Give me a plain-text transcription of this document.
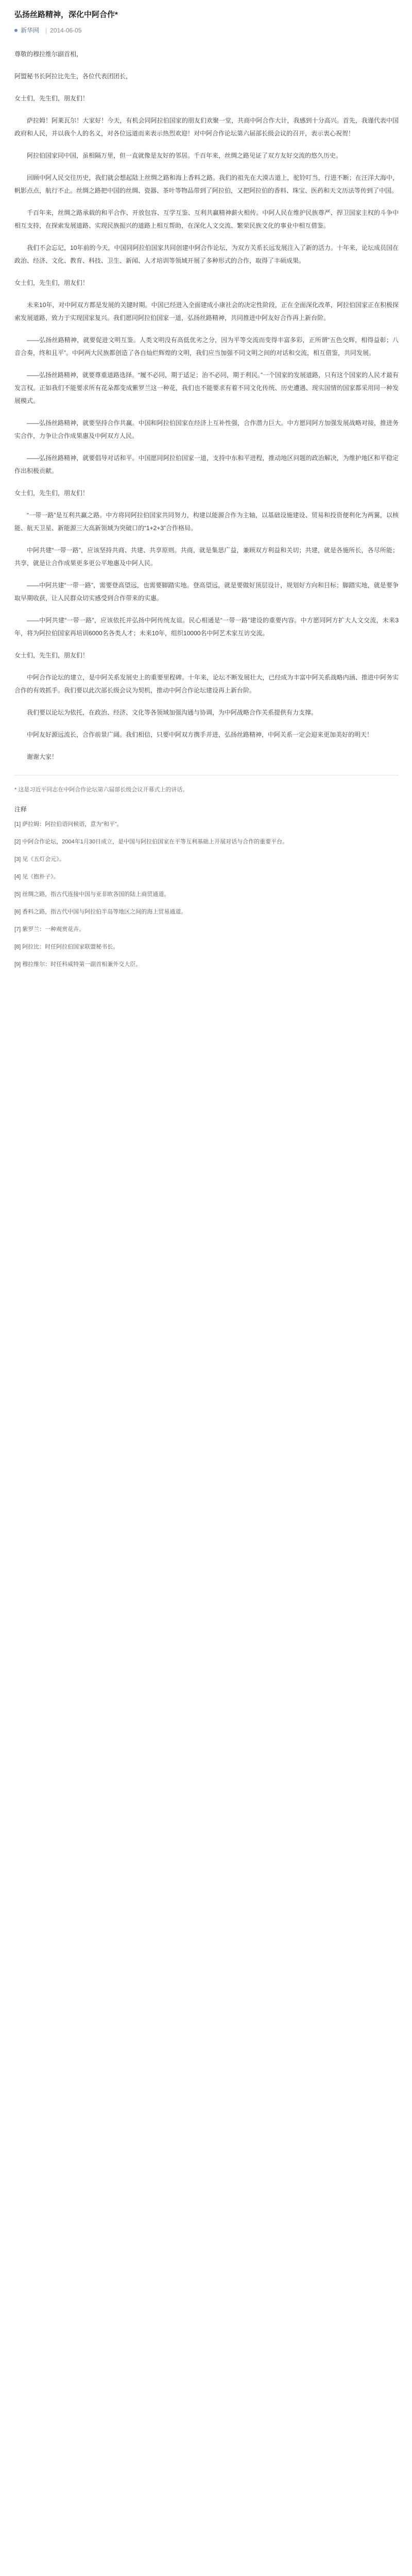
弘扬丝路精神，深化中阿合作*
新华网 | 2014-06-05

尊敬的穆拉维尔副首相，

阿盟秘书长阿拉比先生，各位代表团团长，

女士们，先生们，朋友们！

萨拉姆！阿莱瓦尔！大家好！今天，有机会同阿拉伯国家的朋友们欢聚一堂，共商中阿合作大计，我感到十分高兴。首先，我谨代表中国政府和人民，并以我个人的名义，对各位远道而来表示热烈欢迎！对中阿合作论坛第六届部长级会议的召开，表示衷心祝贺！

阿拉伯国家同中国，虽相隔万里，但一直就像是友好的邻居。千百年来，丝绸之路见证了双方友好交流的悠久历史。

回顾中阿人民交往历史，我们就会想起陆上丝绸之路和海上香料之路。我们的祖先在大漠古道上，驼铃叮当，行进不断；在汪洋大海中，帆影点点，航行不止。丝绸之路把中国的丝绸、瓷器、茶叶等物品带到了阿拉伯，又把阿拉伯的香料、珠宝、医药和天文历法等传到了中国。

千百年来，丝绸之路承载的和平合作、开放包容、互学互鉴、互利共赢精神薪火相传。中阿人民在维护民族尊严、捍卫国家主权的斗争中相互支持，在探索发展道路、实现民族振兴的道路上相互帮助，在深化人文交流、繁荣民族文化的事业中相互借鉴。

我们不会忘记，10年前的今天，中国同阿拉伯国家共同创建中阿合作论坛，为双方关系长远发展注入了新的活力。十年来，论坛成员国在政治、经济、文化、教育、科技、卫生、新闻、人才培训等领域开展了多种形式的合作，取得了丰硕成果。

女士们，先生们，朋友们！

未来10年，对中阿双方都是发展的关键时期。中国已经进入全面建成小康社会的决定性阶段，正在全面深化改革，阿拉伯国家正在积极探索发展道路，致力于实现国家复兴。我们愿同阿拉伯国家一道，弘扬丝路精神，共同推进中阿友好合作再上新台阶。

——弘扬丝路精神，就要促进文明互鉴。人类文明没有高低优劣之分，因为平等交流而变得丰富多彩，正所谓“五色交辉，相得益彰；八音合奏，终和且平”。中阿两大民族都创造了各自灿烂辉煌的文明，我们应当加强不同文明之间的对话和交流，相互借鉴，共同发展。

——弘扬丝路精神，就要尊重道路选择。“履不必同，期于适足；治不必同，期于利民。”一个国家的发展道路，只有这个国家的人民才最有发言权。正如我们不能要求所有花朵都变成紫罗兰这一种花，我们也不能要求有着不同文化传统、历史遭遇、现实国情的国家都采用同一种发展模式。

——弘扬丝路精神，就要坚持合作共赢。中国和阿拉伯国家在经济上互补性强，合作潜力巨大。中方愿同阿方加强发展战略对接，推进务实合作，力争让合作成果惠及中阿双方人民。

——弘扬丝路精神，就要倡导对话和平。中国愿同阿拉伯国家一道，支持中东和平进程，推动地区问题的政治解决，为维护地区和平稳定作出积极贡献。

女士们，先生们，朋友们！

“一带一路”是互利共赢之路。中方将同阿拉伯国家共同努力，构建以能源合作为主轴，以基础设施建设、贸易和投资便利化为两翼，以核能、航天卫星、新能源三大高新领域为突破口的“1+2+3”合作格局。

中阿共建“一带一路”，应该坚持共商、共建、共享原则。共商，就是集思广益，兼顾双方利益和关切；共建，就是各施所长，各尽所能；共享，就是让合作成果更多更公平地惠及中阿人民。

——中阿共建“一带一路”，需要登高望远，也需要脚踏实地。登高望远，就是要做好顶层设计，规划好方向和目标；脚踏实地，就是要争取早期收获，让人民群众切实感受到合作带来的实惠。

——中阿共建“一带一路”，应该依托并弘扬中阿传统友谊。民心相通是“一带一路”建设的重要内容。中方愿同阿方扩大人文交流，未来3年，将为阿拉伯国家再培训6000名各类人才；未来10年，组织10000名中阿艺术家互访交流。

女士们，先生们，朋友们！

中阿合作论坛的建立，是中阿关系发展史上的重要里程碑。十年来，论坛不断发展壮大，已经成为丰富中阿关系战略内涵、推进中阿务实合作的有效抓手。我们要以此次部长级会议为契机，推动中阿合作论坛建设再上新台阶。

我们要以论坛为依托，在政治、经济、文化等各领域加强沟通与协调，为中阿战略合作关系提供有力支撑。

中阿友好源远流长，合作前景广阔。我们相信，只要中阿双方携手并进，弘扬丝路精神，中阿关系一定会迎来更加美好的明天！

谢谢大家！

* 这是习近平同志在中阿合作论坛第六届部长级会议开幕式上的讲话。
注释
[1] 萨拉姆：阿拉伯语问候语，意为“和平”。
[2] 中阿合作论坛，2004年1月30日成立，是中国与阿拉伯国家在平等互利基础上开展对话与合作的重要平台。
[3] 见《五灯会元》。
[4] 见《抱朴子》。
[5] 丝绸之路，指古代连接中国与亚非欧各国的陆上商贸通道。
[6] 香料之路，指古代中国与阿拉伯半岛等地区之间的海上贸易通道。
[7] 紫罗兰：一种观赏花卉。
[8] 阿拉比：时任阿拉伯国家联盟秘书长。
[9] 穆拉维尔：时任科威特第一副首相兼外交大臣。
